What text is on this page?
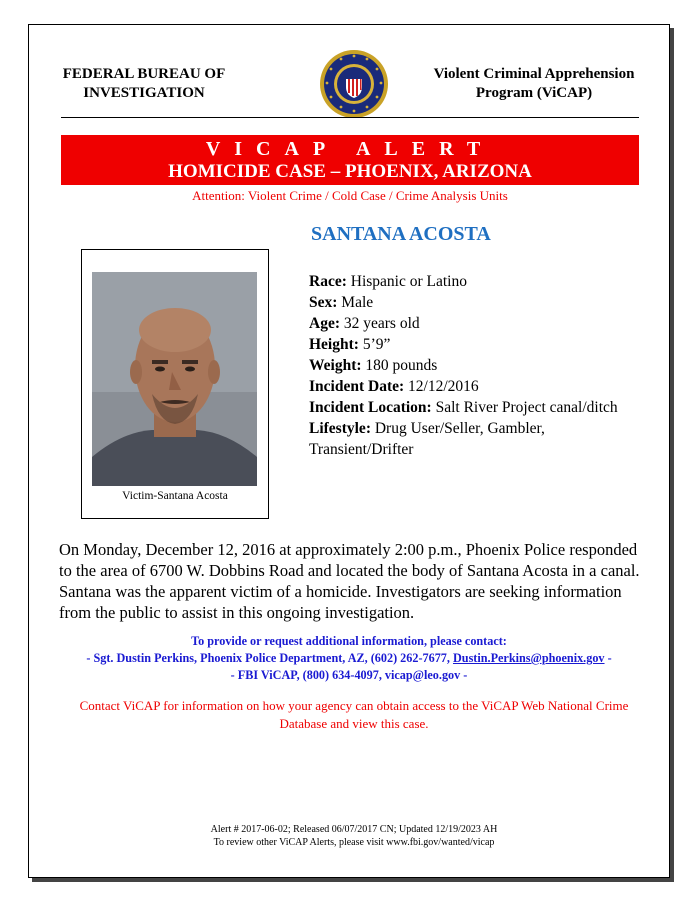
FEDERAL BUREAU OF
INVESTIGATION
Violent Criminal Apprehension
Program (ViCAP)
VICAP ALERT
HOMICIDE CASE – PHOENIX, ARIZONA
Attention: Violent Crime / Cold Case / Crime Analysis Units
SANTANA ACOSTA
Victim-Santana Acosta
Race: Hispanic or Latino
Sex: Male
Age: 32 years old
Height: 5’9”
Weight: 180 pounds
Incident Date: 12/12/2016
Incident Location: Salt River Project canal/ditch
Lifestyle: Drug User/Seller, Gambler, Transient/Drifter
On Monday, December 12, 2016 at approximately 2:00 p.m., Phoenix Police responded to the area of 6700 W. Dobbins Road and located the body of Santana Acosta in a canal. Santana was the apparent victim of a homicide. Investigators are seeking information from the public to assist in this ongoing investigation.
To provide or request additional information, please contact:
- Sgt. Dustin Perkins, Phoenix Police Department, AZ, (602) 262-7677, Dustin.Perkins@phoenix.gov -
- FBI ViCAP, (800) 634-4097, vicap@leo.gov -
Contact ViCAP for information on how your agency can obtain access to the ViCAP Web National Crime Database and view this case.
Alert # 2017-06-02; Released 06/07/2017 CN; Updated 12/19/2023 AH
To review other ViCAP Alerts, please visit www.fbi.gov/wanted/vicap
